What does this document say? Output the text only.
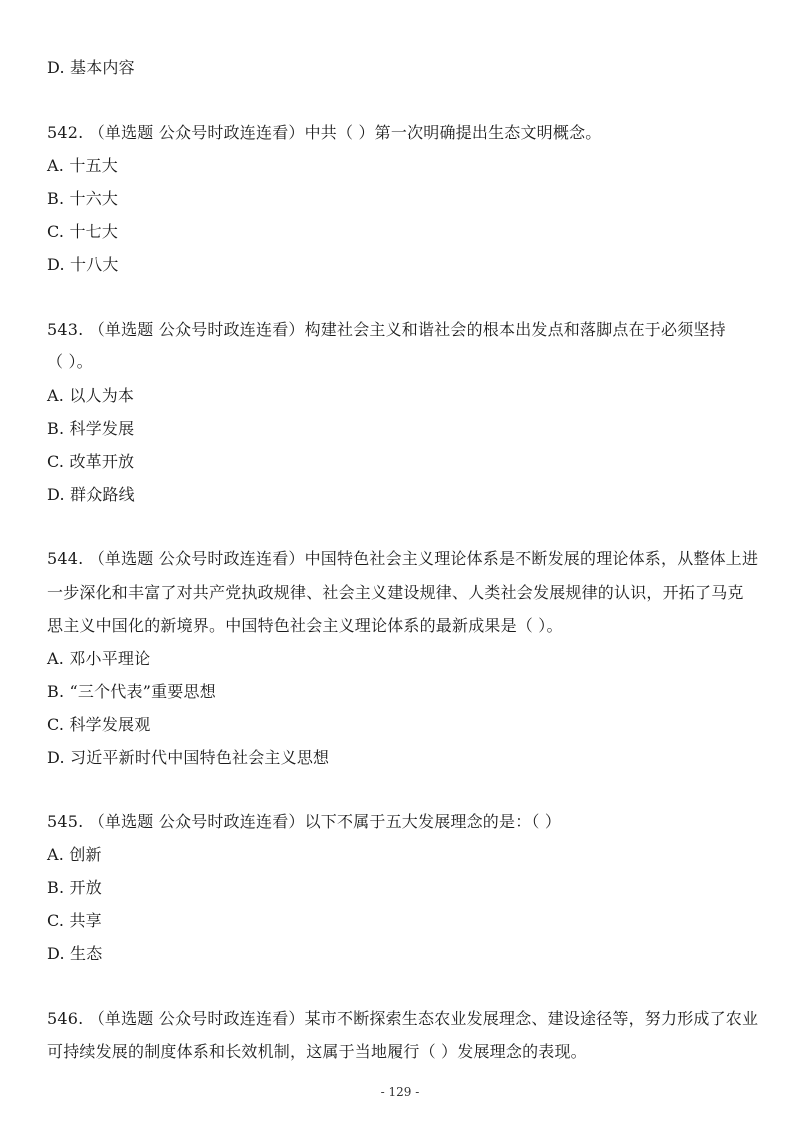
D. 基本内容
542. （单选题 公众号时政连连看）中共（ ）第一次明确提出生态文明概念。
A. 十五大
B. 十六大
C. 十七大
D. 十八大
543. （单选题 公众号时政连连看）构建社会主义和谐社会的根本出发点和落脚点在于必须坚持
（ ）。
A. 以人为本
B. 科学发展
C. 改革开放
D. 群众路线
544. （单选题 公众号时政连连看）中国特色社会主义理论体系是不断发展的理论体系，从整体上进
一步深化和丰富了对共产党执政规律、社会主义建设规律、人类社会发展规律的认识，开拓了马克
思主义中国化的新境界。中国特色社会主义理论体系的最新成果是（ ）。
A. 邓小平理论
B. “三个代表”重要思想
C. 科学发展观
D. 习近平新时代中国特色社会主义思想
545. （单选题 公众号时政连连看）以下不属于五大发展理念的是：（ ）
A. 创新
B. 开放
C. 共享
D. 生态
546. （单选题 公众号时政连连看）某市不断探索生态农业发展理念、建设途径等，努力形成了农业
可持续发展的制度体系和长效机制，这属于当地履行（ ）发展理念的表现。
- 129 -
